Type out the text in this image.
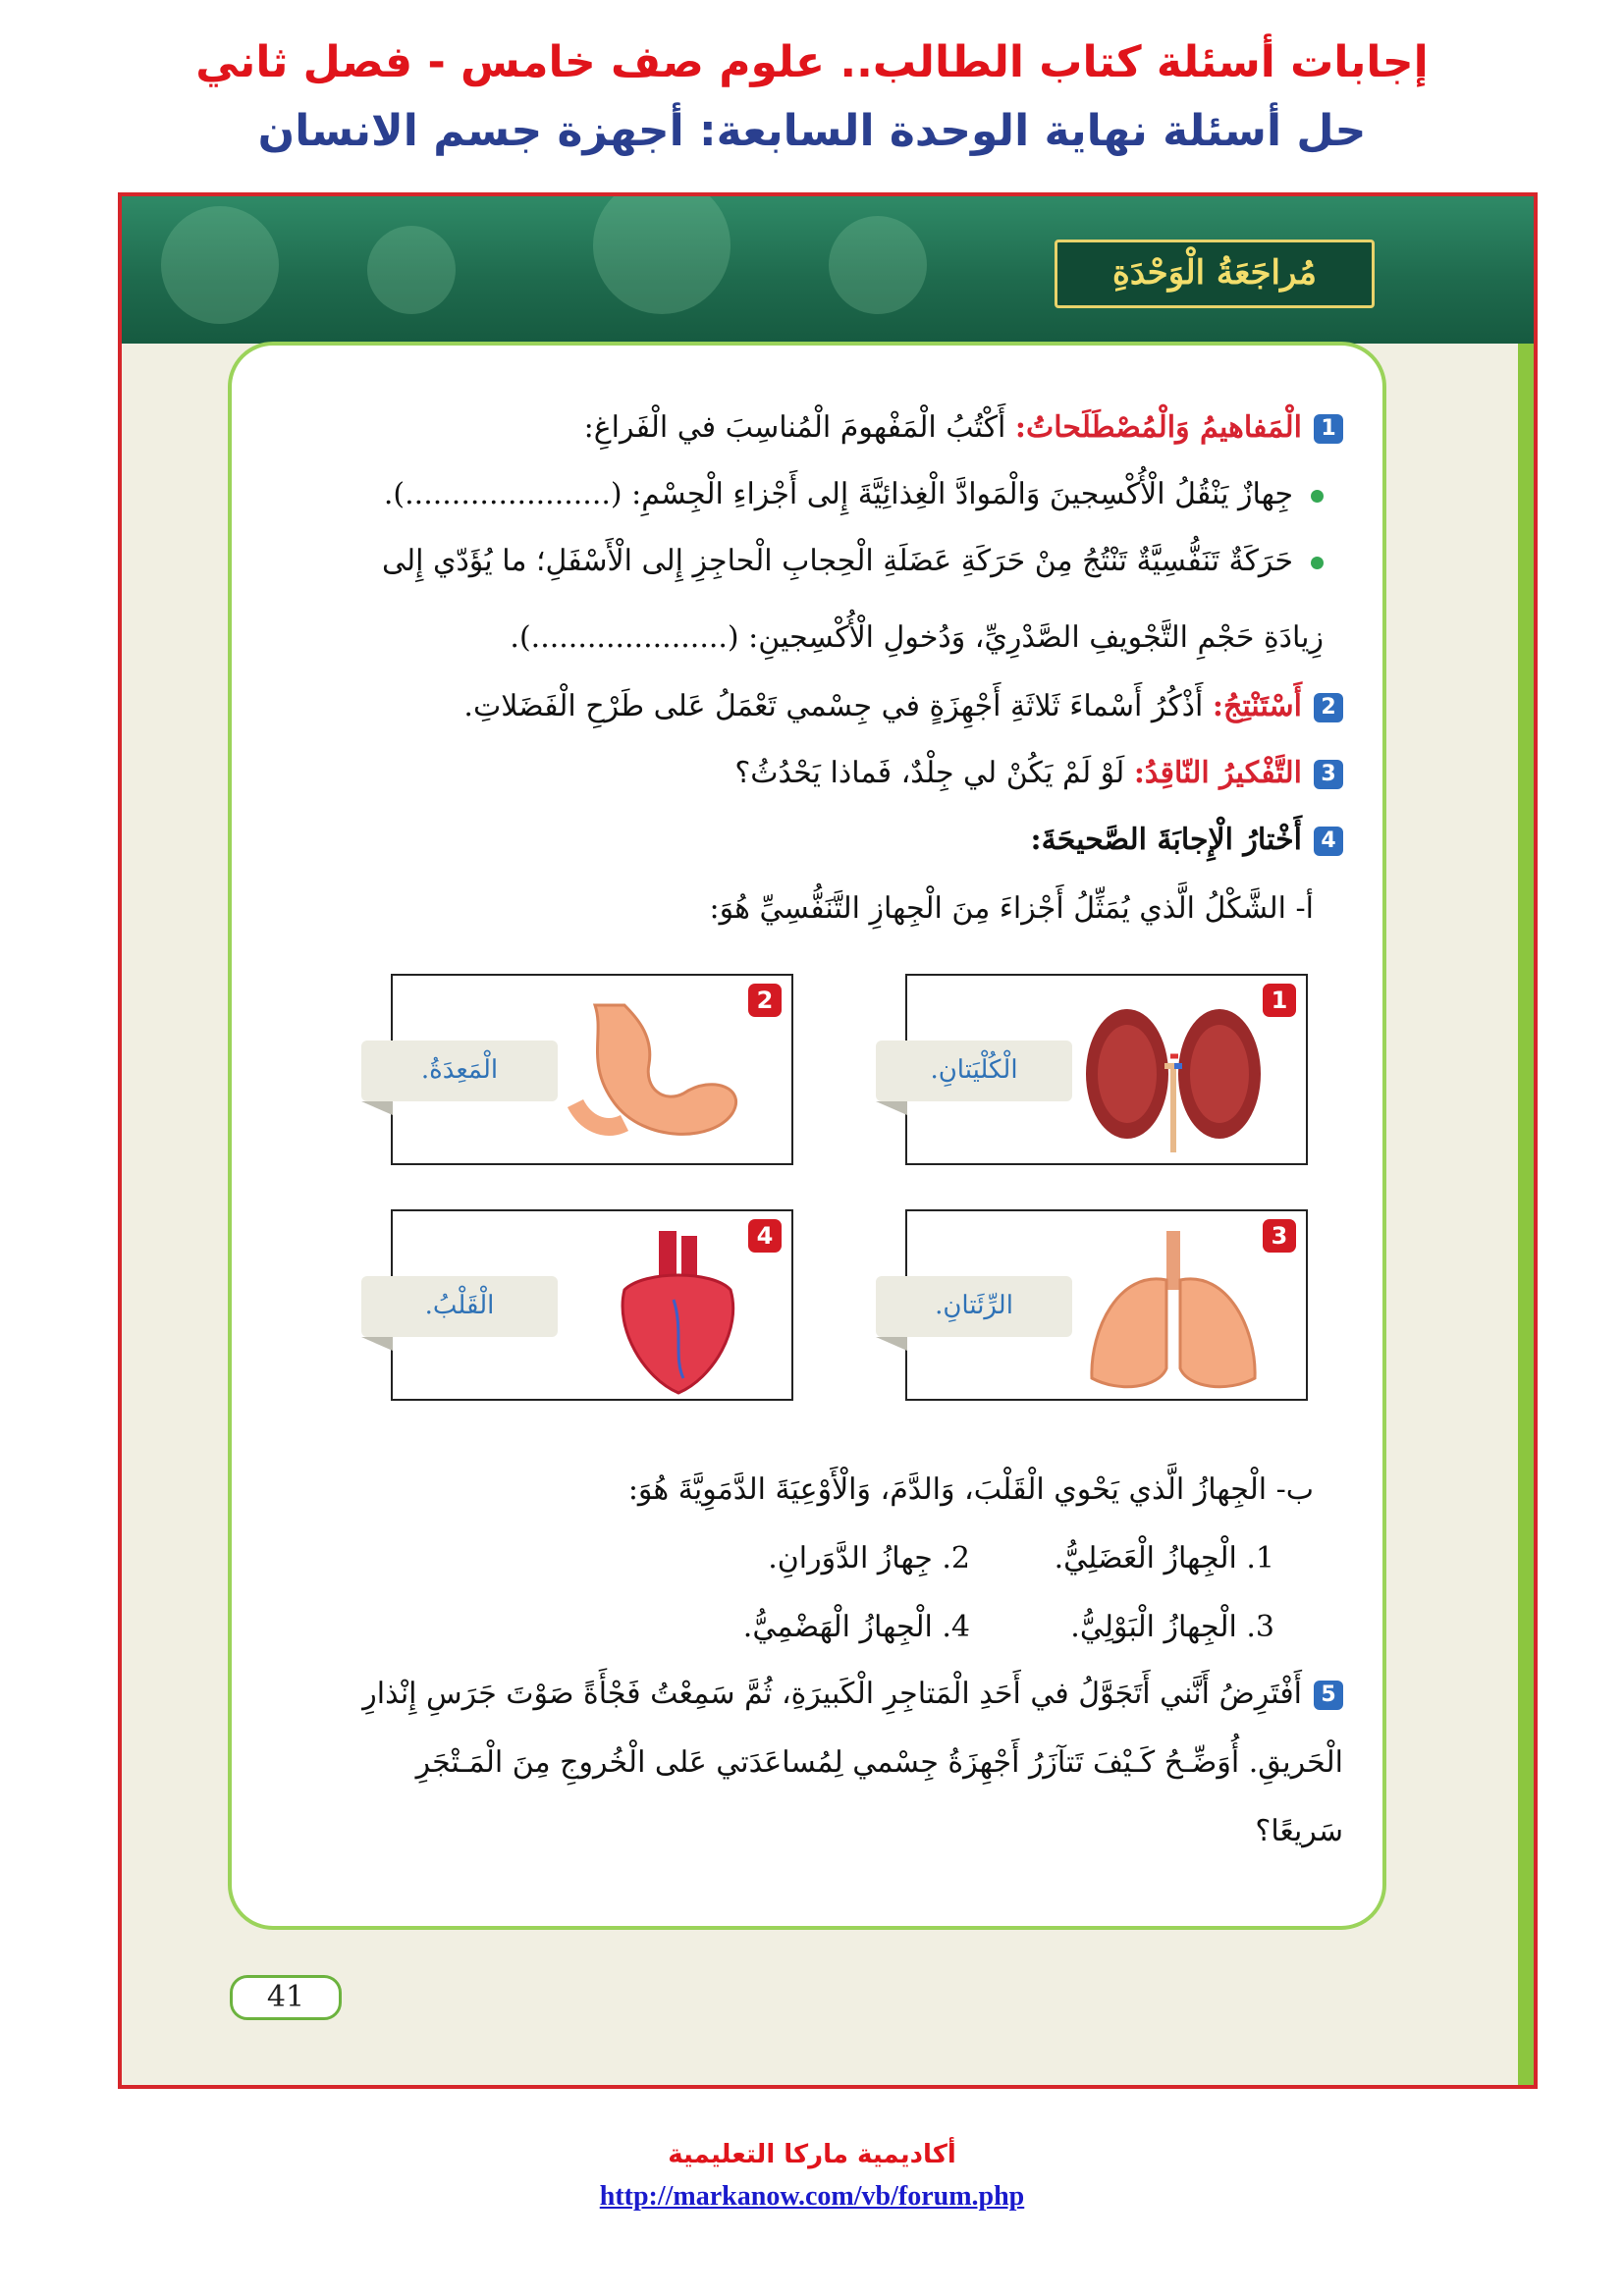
إجابات أسئلة كتاب الطالب.. علوم صف خامس - فصل ثاني
حل أسئلة نهاية الوحدة السابعة: أجهزة جسم الانسان
مُراجَعَةُ الْوَحْدَةِ
1الْمَفاهيمُ وَالْمُصْطَلَحاتُ: أَكْتُبُ الْمَفْهومَ الْمُناسِبَ في الْفَراغِ:
جِهازٌ يَنْقُلُ الْأُكْسِجينَ وَالْمَوادَّ الْغِذائِيَّةَ إِلى أَجْزاءِ الْجِسْمِ: (......................).
حَرَكَةٌ تَنَفُّسِيَّةٌ تَنْتُجُ مِنْ حَرَكَةِ عَضَلَةِ الْحِجابِ الْحاجِزِ إِلى الْأَسْفَلِ؛ ما يُؤَدّي إِلى
زِيادَةِ حَجْمِ التَّجْويفِ الصَّدْرِيِّ، وَدُخولِ الْأُكْسِجينِ: (.....................).
2أَسْتَنْتِجُ: أَذْكُرُ أَسْماءَ ثَلاثَةِ أَجْهِزَةٍ في جِسْمي تَعْمَلُ عَلى طَرْحِ الْفَضَلاتِ.
3التَّفْكيرُ النّاقِدُ: لَوْ لَمْ يَكُنْ لي جِلْدٌ، فَماذا يَحْدُثُ؟
4أَخْتارُ الْإِجابَةَ الصَّحيحَةَ:
أ- الشَّكْلُ الَّذي يُمَثِّلُ أَجْزاءَ مِنَ الْجِهازِ التَّنَفُّسِيِّ هُوَ:
1
الْكُلْيَتانِ.
2
الْمَعِدَةُ.
3
الرِّئَتانِ.
4
الْقَلْبُ.
ب- الْجِهازُ الَّذي يَحْوي الْقَلْبَ، وَالدَّمَ، وَالْأَوْعِيَةَ الدَّمَوِيَّةَ هُوَ:
1. الْجِهازُ الْعَضَلِيُّ.
2. جِهازُ الدَّوَرانِ.
3. الْجِهازُ الْبَوْلِيُّ.
4. الْجِهازُ الْهَضْمِيُّ.
5أَفْتَرِضُ أَنَّني أَتَجَوَّلُ في أَحَدِ الْمَتاجِرِ الْكَبيرَةِ، ثُمَّ سَمِعْتُ فَجْأَةً صَوْتَ جَرَسِ إِنْذارِ
الْحَريقِ. أُوَضِّـحُ كَـيْفَ تَتآزَرُ أَجْهِزَةُ جِسْمي لِمُساعَدَتي عَلى الْخُروجِ مِنَ الْمَـتْجَرِ
سَريعًا؟
41
أكاديمية ماركا التعليمية
http://markanow.com/vb/forum.php
